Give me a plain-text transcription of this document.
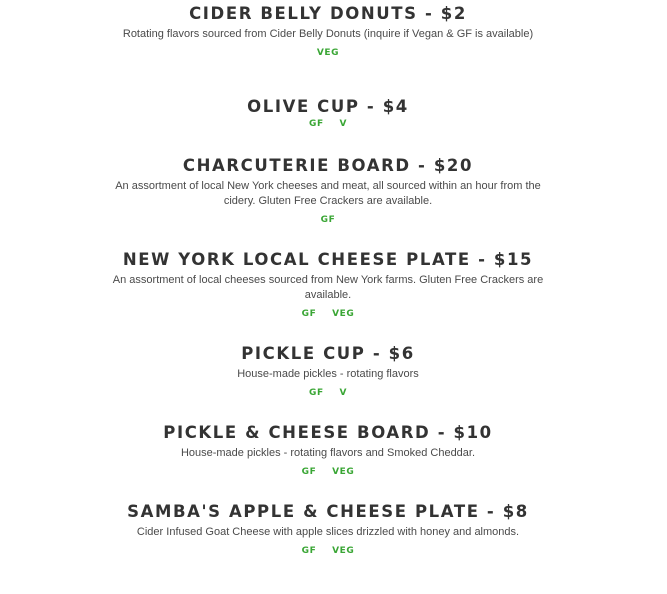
CIDER BELLY DONUTS - $2

Rotating flavors sourced from Cider Belly Donuts (inquire if Vegan & GF is available)

VEG
OLIVE CUP - $4
GF V
CHARCUTERIE BOARD - $20

An assortment of local New York cheeses and meat, all sourced within an hour from the cidery. Gluten Free Crackers are available.

GF
NEW YORK LOCAL CHEESE PLATE - $15

An assortment of local cheeses sourced from New York farms. Gluten Free Crackers are available.

GF VEG
PICKLE CUP - $6

House-made pickles - rotating flavors

GF V
PICKLE & CHEESE BOARD - $10

House-made pickles - rotating flavors and Smoked Cheddar.

GF VEG
SAMBA'S APPLE & CHEESE PLATE - $8

Cider Infused Goat Cheese with apple slices drizzled with honey and almonds.

GF VEG
